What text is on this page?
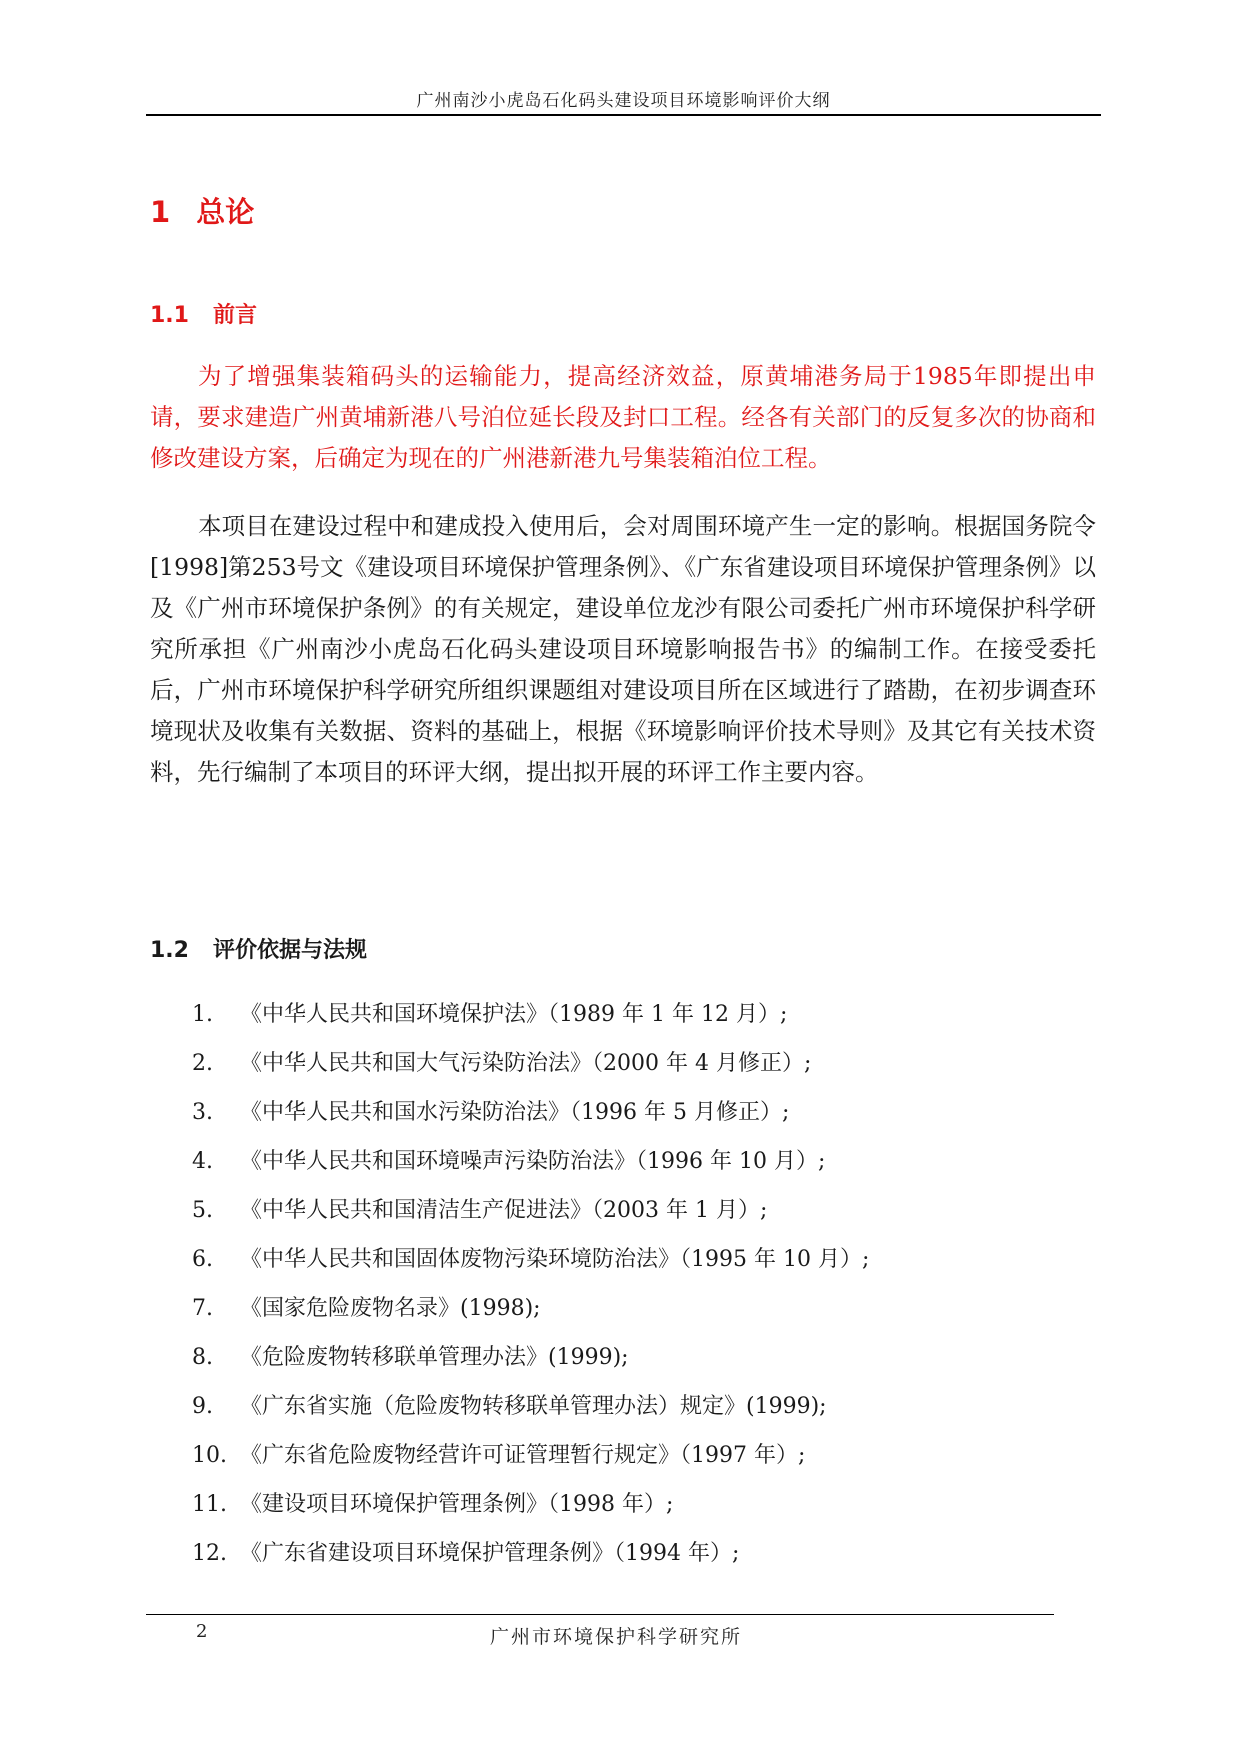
广州南沙小虎岛石化码头建设项目环境影响评价大纲
1 总论
1.1 前言

为了增强集装箱码头的运输能力，提高经济效益，原黄埔港务局于1985年即提出申请，要求建造广州黄埔新港八号泊位延长段及封口工程。经各有关部门的反复多次的协商和修改建设方案，后确定为现在的广州港新港九号集装箱泊位工程。

本项目在建设过程中和建成投入使用后，会对周围环境产生一定的影响。根据国务院令[1998]第253号文《建设项目环境保护管理条例》、《广东省建设项目环境保护管理条例》以及《广州市环境保护条例》的有关规定，建设单位龙沙有限公司委托广州市环境保护科学研究所承担《广州南沙小虎岛石化码头建设项目环境影响报告书》的编制工作。在接受委托后，广州市环境保护科学研究所组织课题组对建设项目所在区域进行了踏勘，在初步调查环境现状及收集有关数据、资料的基础上，根据《环境影响评价技术导则》及其它有关技术资料，先行编制了本项目的环评大纲，提出拟开展的环评工作主要内容。

1.2 评价依据与法规
1. 《中华人民共和国环境保护法》（1989 年 1 年 12 月）;
2. 《中华人民共和国大气污染防治法》（2000 年 4 月修正）;
3. 《中华人民共和国水污染防治法》（1996 年 5 月修正）;
4. 《中华人民共和国环境噪声污染防治法》（1996 年 10 月）;
5. 《中华人民共和国清洁生产促进法》（2003 年 1 月）;
6. 《中华人民共和国固体废物污染环境防治法》（1995 年 10 月）;
7. 《国家危险废物名录》(1998);
8. 《危险废物转移联单管理办法》(1999);
9. 《广东省实施（危险废物转移联单管理办法）规定》(1999);
10. 《广东省危险废物经营许可证管理暂行规定》（1997 年）;
11. 《建设项目环境保护管理条例》（1998 年）;
12. 《广东省建设项目环境保护管理条例》（1994 年）;
2	广州市环境保护科学研究所
